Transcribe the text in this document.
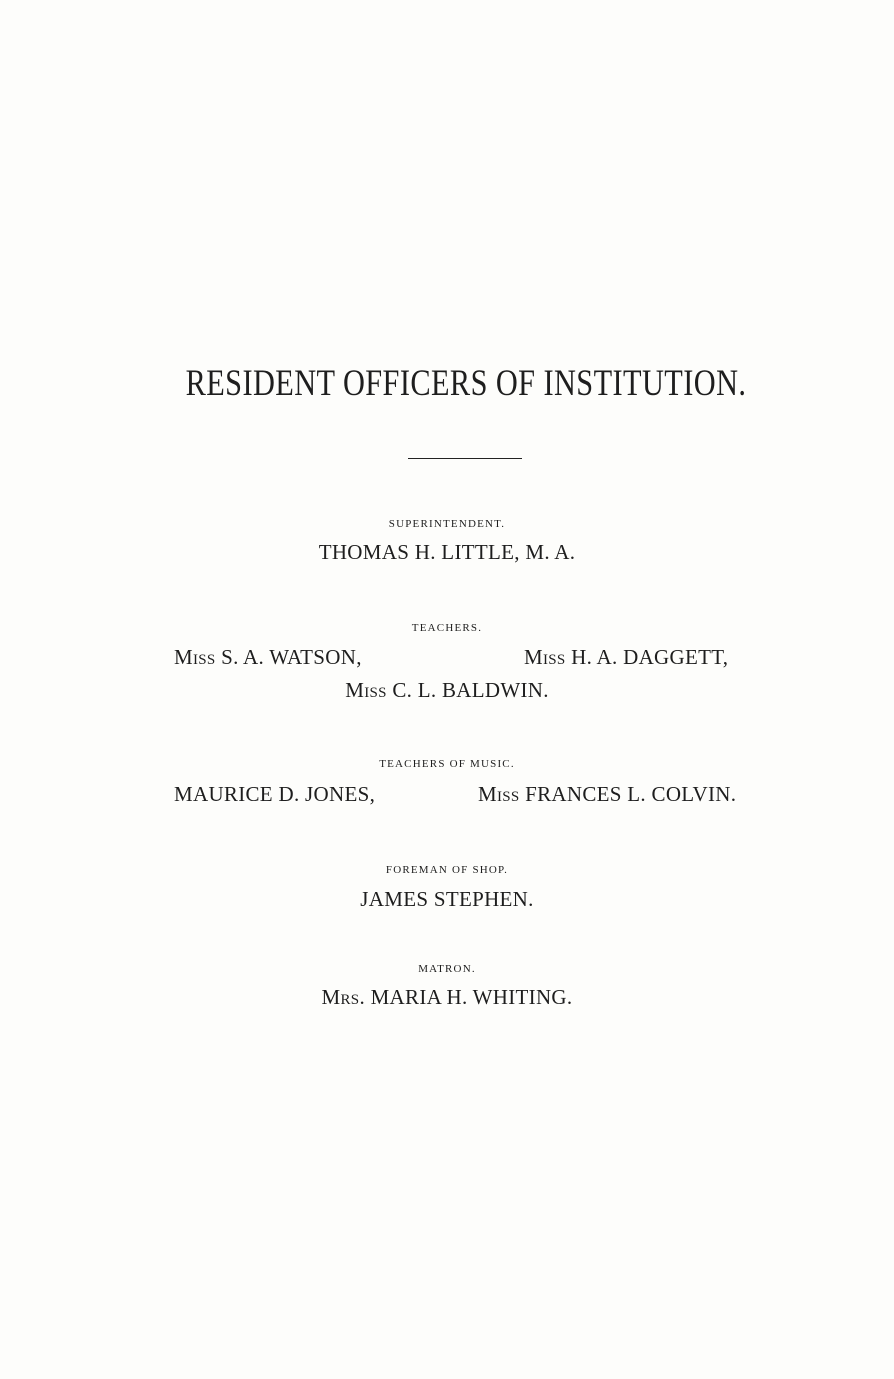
RESIDENT OFFICERS OF INSTITUTION.
SUPERINTENDENT.
THOMAS H. LITTLE, M. A.
TEACHERS.
Miss S. A. WATSON,	Miss H. A. DAGGETT,
Miss C. L. BALDWIN.
TEACHERS OF MUSIC.
MAURICE D. JONES,	Miss FRANCES L. COLVIN.
FOREMAN OF SHOP.
JAMES STEPHEN.
MATRON.
Mrs. MARIA H. WHITING.
